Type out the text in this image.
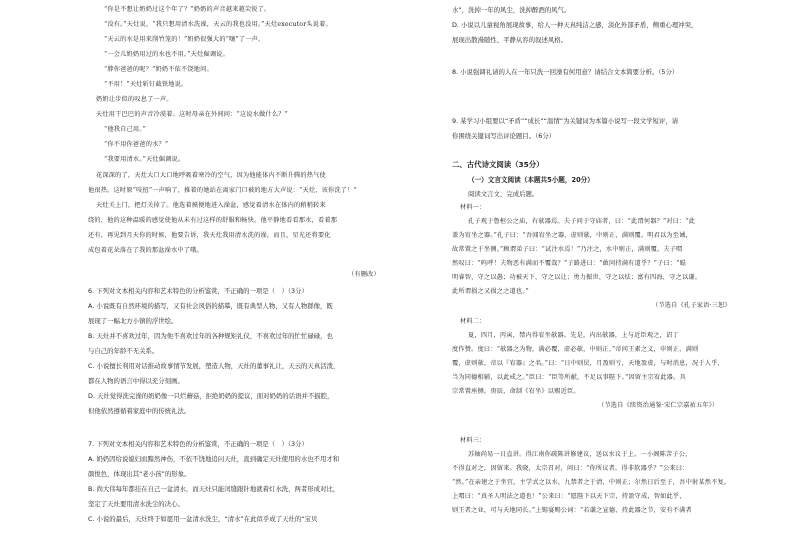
“你是不想让奶奶过这个年了？”奶奶的声音越来越尖锐了。
“没有。”天灶说，“我只想用清水洗澡，天云的我也没用。”天灶executor头说着。
“天云的水是用来削竹笼的！”奶奶很强大的“嚷”了一声。
“一会儿奶奶用过的水也不用。”天灶倔调说。
“脖你爸爸的呢？”奶奶不依不饶地问。
“不用！”天灶斩钉截铁地说。
奶奶让步似的叹息了一声。
天灶用干巴巴的声音冷漠着。这时母亲在外间问：“这说水做什么？”
“他我自己用。”
“你不用你爸爸的水？”
“我要用清水。”天灶倔调说。
花深深的了，天灶大口大口地呼吸着寒冷的空气，因为他能体内不断升腾的热气使
他很热。这时原“吱扭”一声响了，推着的她站在离家门口被的地方大声说：“天灶，该你洗了！”
天灶关上门，把灯关掉了。他选着摸便地进入澡盆，感觉着清水在体内的稍稍转来
绕的，他的这种温暖的感觉使他从未有过这样的舒服和畅快。他平静地看看那水，看着那
还有，再见到月天你的时候，他要告诉，我天灶我用清水洗的澡，而且，星光还将要化
成包着花朵落在了我的那盆澡水中了哦。
（有删改）
6. 下列对文本相关内容和艺术特色的分析鉴赏，不正确的一项是（　）（3分）
A. 小说既有自然环境的描写，又有社会风俗的描摹，既有典型人物，又有人物群像，既
展现了一幅北方小镇的浮世绘。
B. 天灶并不喜欢过年，因为他不喜欢过年的各种规矩礼仪，不喜欢过年的忙忙碌碌，也
与自己的年龄不无关系。
C. 小说擅长利用对话推动故事情节发展，塑造人物，天灶的董事礼让，天云的天真活泼，
都在人物的语言中得以充分刻画。
D. 天灶觉得洗完澡的奶奶像一只烂蘑菇，拒绝奶奶的提议，面对奶奶的话语并不描腔，
但他依然遵循着家庭中的传统礼法。
7. 下列对文本相关内容和艺术特色的分析鉴赏，不正确的一项是（　）（3分）
A. 奶奶因给说媳妇而黯然神伤，不依不饶地追问天灶，直到确定天灶使用的水也不用才和
颜悦色，体现出其“老小孩”的形象。
B. 尚大伟每年都挂在自己一盆清水，而天灶只能闰缝跟针地就着灯水洗，两者形成对比，
坚定了天灶要用清水洗尘的决心。
C. 小说的最后，天灶终于如愿用一盆清水洗尘，“清水”在此似乎成了天灶的“宝贝
水”，洗掉一年的风尘，洗掉醉酒的风气。
D. 小说以儿童视角展现故事，给人一种天真纯洁之感，淡化外部矛盾，侧重心理冲突，
展现出散漫随性、平静从容的叙述风格。
8. 小说强调礼请的人在一年只洗一回澡有何用意？请结合文本简要分析。（5分）
9. 某学习小组要以“矛盾”“成长”“温情”为关键词为本篇小说写一段文学短评，请
你围绕关键词写出评论题目。（6分）
二、古代诗文阅读（35分）
（一）文言文阅读（本题共5小题，20分）
阅读文言文，完成后题。
材料一：
孔子观于鲁桓公之庙，有欹器焉。夫子问于守庙者，曰：“此谓何器？”对曰：“此
盖为宥坐之器。”孔子曰：“吾闻宥坐之器，虚则欹，中则正，满则覆。明君以为至诫，
故常置之于坐侧。”顾谓弟子曰：“试注水焉！”乃注之，水中则正，满则覆。夫子喟
然叹曰：“呜呼！夫物恶有满而不覆哉？”子路进曰：“敢问持满有道乎？”子曰：“聪
明睿智，守之以愚；功被天下，守之以让；勇力振世，守之以怯；富有四海，守之以谦。
此所谓损之又损之之道也。”
（节选自《孔子家语·三恕》
材料二：
夏，四月，丙寅，禁内得宥坐欹器。先是，内出欹器，上与近臣观之，诏丁
度作赞。度曰：“欹器之为物，满必覆，虚必欹，中则正。”帝问王素之义，申则正，满则
覆，虚则欹，帝以『宥器』之名。”曰：“日中则昃，月盈则亏，天地盈虚，与时消息，况于人乎，
当为同德相辅，以此戒之。”臣曰：“臣等所献，不足以事陛下。”因留主宗宥此器。具
宗常置座侧。庚辰，命制《宥坐》以赐近臣。
（节选自《续资治通鉴·宋仁宗嘉祐五年》）
材料三：
苏轴尚易一日直讲。得江南你疏陈讲修建议，送以水议于上。一小阁陈苦子公，
不得直对之，因留来。我晓，太宗召对，问曰：“你所议者，得非软器乎？”公来曰：
“然。”在亲建之于坐宜，主学式之以水，九禁者之于清，中则正；尔然日后至子，吾中射某然不复。
上喟曰：“真圣人明法之道也！”公来曰：“愿陛下以天下宗，持盈守成，智如此乎，
则王者之业，可与天地同长。”上锡宴赐公词：“若谦之宣德，持此器之节，安有不满者
